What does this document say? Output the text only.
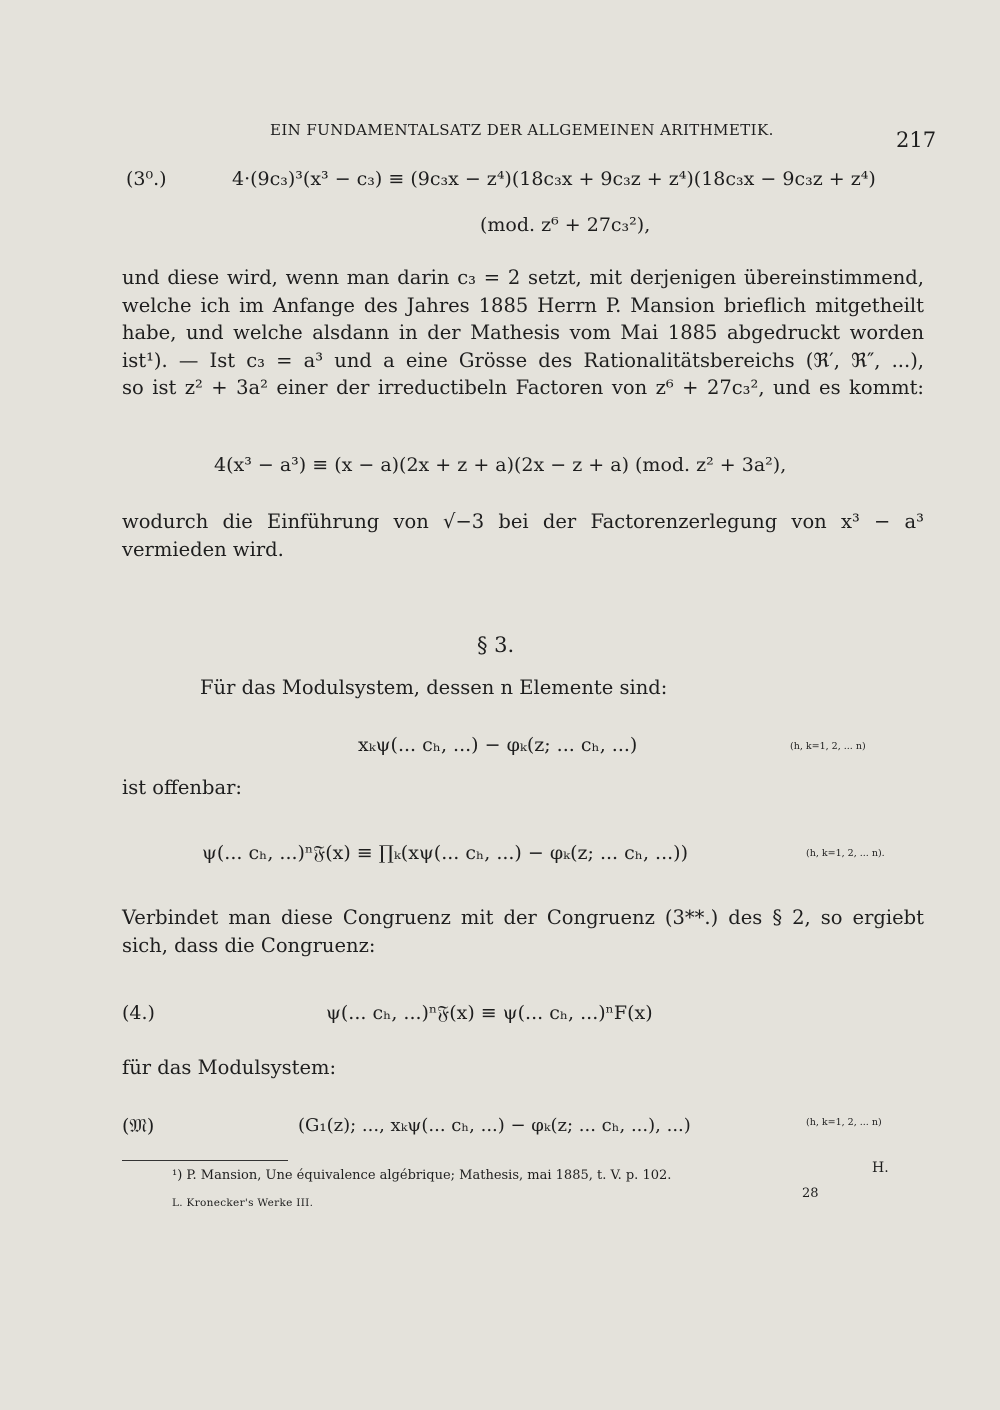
EIN FUNDAMENTALSATZ DER ALLGEMEINEN ARITHMETIK.	217
(3⁰.)	4·(9c₃)³(x³ − c₃) ≡ (9c₃x − z⁴)(18c₃x + 9c₃z + z⁴)(18c₃x − 9c₃z + z⁴)
(mod. z⁶ + 27c₃²),
und diese wird, wenn man darin c₃ = 2 setzt, mit derjenigen übereinstimmend,
welche ich im Anfange des Jahres 1885 Herrn P. Mansion brieflich mitgetheilt
habe, und welche alsdann in der Mathesis vom Mai 1885 abgedruckt worden
ist¹). — Ist c₃ = a³ und a eine Grösse des Rationalitätsbereichs (ℜ′, ℜ″, ...),
so ist z² + 3a² einer der irreductibeln Factoren von z⁶ + 27c₃², und es kommt:
4(x³ − a³) ≡ (x − a)(2x + z + a)(2x − z + a) (mod. z² + 3a²),
wodurch die Einführung von √−3 bei der Factorenzerlegung von x³ − a³
vermieden wird.
§ 3.
Für das Modulsystem, dessen n Elemente sind:
xₖψ(... cₕ, ...) − φₖ(z; ... cₕ, ...)	(h, k=1, 2, ... n)
ist offenbar:
ψ(... cₕ, ...)ⁿ𝔉(x) ≡ ∏ₖ(xψ(... cₕ, ...) − φₖ(z; ... cₕ, ...))	(h, k=1, 2, ... n).
Verbindet man diese Congruenz mit der Congruenz (3**.) des § 2, so ergiebt
sich, dass die Congruenz:
(4.)	ψ(... cₕ, ...)ⁿ𝔉(x) ≡ ψ(... cₕ, ...)ⁿF(x)
für das Modulsystem:
(𝔐)	(G₁(z); ..., xₖψ(... cₕ, ...) − φₖ(z; ... cₕ, ...), ...)	(h, k=1, 2, ... n)
¹) P. Mansion, Une équivalence algébrique; Mathesis, mai 1885, t. V. p. 102.	H.
L. Kronecker's Werke III.
28
